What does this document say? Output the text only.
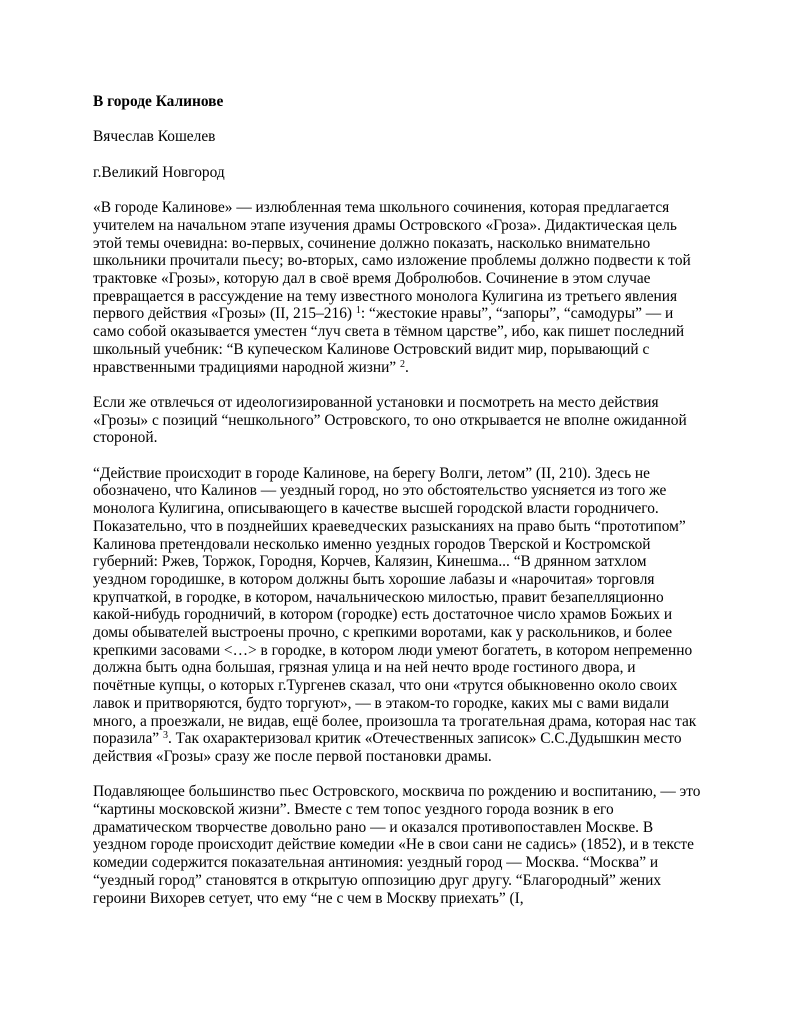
В городе Калинове

Вячеслав Кошелев

г.Великий Новгород

«В городе Калинове» — излюбленная тема школьного сочинения, которая предлагается учителем на начальном этапе изучения драмы Островского «Гроза». Дидактическая цель этой темы очевидна: во-первых, сочинение должно показать, насколько внимательно школьники прочитали пьесу; во-вторых, само изложение проблемы должно подвести к той трактовке «Грозы», которую дал в своё время Добролюбов. Сочинение в этом случае превращается в рассуждение на тему известного монолога Кулигина из третьего явления первого действия «Грозы» (II, 215–216) $^1$: “жестокие нравы”, “запоры”, “самодуры” — и само собой оказывается уместен “луч света в тёмном царстве”, ибо, как пишет последний школьный учебник: “В купеческом Калинове Островский видит мир, порывающий с нравственными традициями народной жизни” $^2$.

Если же отвлечься от идеологизированной установки и посмотреть на место действия «Грозы» с позиций “нешкольного” Островского, то оно открывается не вполне ожиданной стороной.

“Действие происходит в городе Калинове, на берегу Волги, летом” (II, 210). Здесь не обозначено, что Калинов — уездный город, но это обстоятельство уясняется из того же монолога Кулигина, описывающего в качестве высшей городской власти городничего. Показательно, что в позднейших краеведческих разысканиях на право быть “прототипом” Калинова претендовали несколько именно уездных городов Тверской и Костромской губерний: Ржев, Торжок, Городня, Корчев, Калязин, Кинешма... “В дрянном затхлом уездном городишке, в котором должны быть хорошие лабазы и «нарочитая» торговля крупчаткой, в городке, в котором, начальническою милостью, правит безапелляционно какой-нибудь городничий, в котором (городке) есть достаточное число храмов Божьих и домы обывателей выстроены прочно, с крепкими воротами, как у раскольников, и более крепкими засовами <…> в городке, в котором люди умеют богатеть, в котором непременно должна быть одна большая, грязная улица и на ней нечто вроде гостиного двора, и почётные купцы, о которых г.Тургенев сказал, что они «трутся обыкновенно около своих лавок и притворяются, будто торгуют», — в этаком-то городке, каких мы с вами видали много, а проезжали, не видав, ещё более, произошла та трогательная драма, которая нас так поразила” $^3$. Так охарактеризовал критик «Отечественных записок» С.С.Дудышкин место действия «Грозы» сразу же после первой постановки драмы.

Подавляющее большинство пьес Островского, москвича по рождению и воспитанию, — это “картины московской жизни”. Вместе с тем топос уездного города возник в его драматическом творчестве довольно рано — и оказался противопоставлен Москве. В уездном городе происходит действие комедии «Не в свои сани не садись» (1852), и в тексте комедии содержится показательная антиномия: уездный город — Москва. “Москва” и “уездный город” становятся в открытую оппозицию друг другу. “Благородный” жених героини Вихорев сетует, что ему “не с чем в Москву приехать” (I,
